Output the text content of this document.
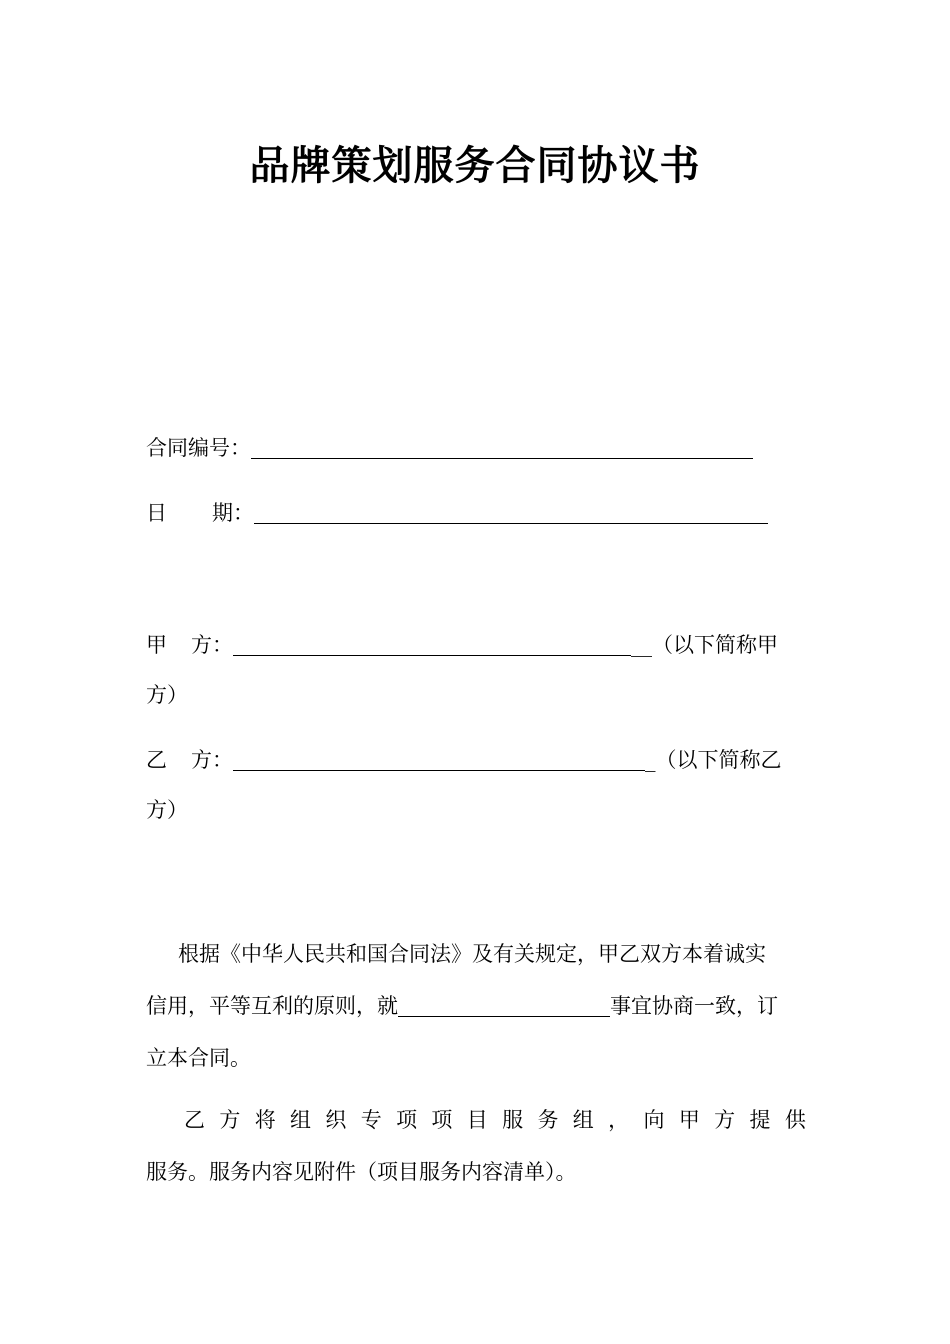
品牌策划服务合同协议书
合同编号：
日 期：
甲 方：	__（以下简称甲
方）
乙 方：	_（以下简称乙
方）
根据《中华人民共和国合同法》及有关规定，甲乙双方本着诚实
信用，平等互利的原则，就	事宜协商一致，订
立本合同。
乙 方 将 组 织 专 项 项 目 服 务 组 ， 向 甲 方 提 供
服务。服务内容见附件（项目服务内容清单）。
